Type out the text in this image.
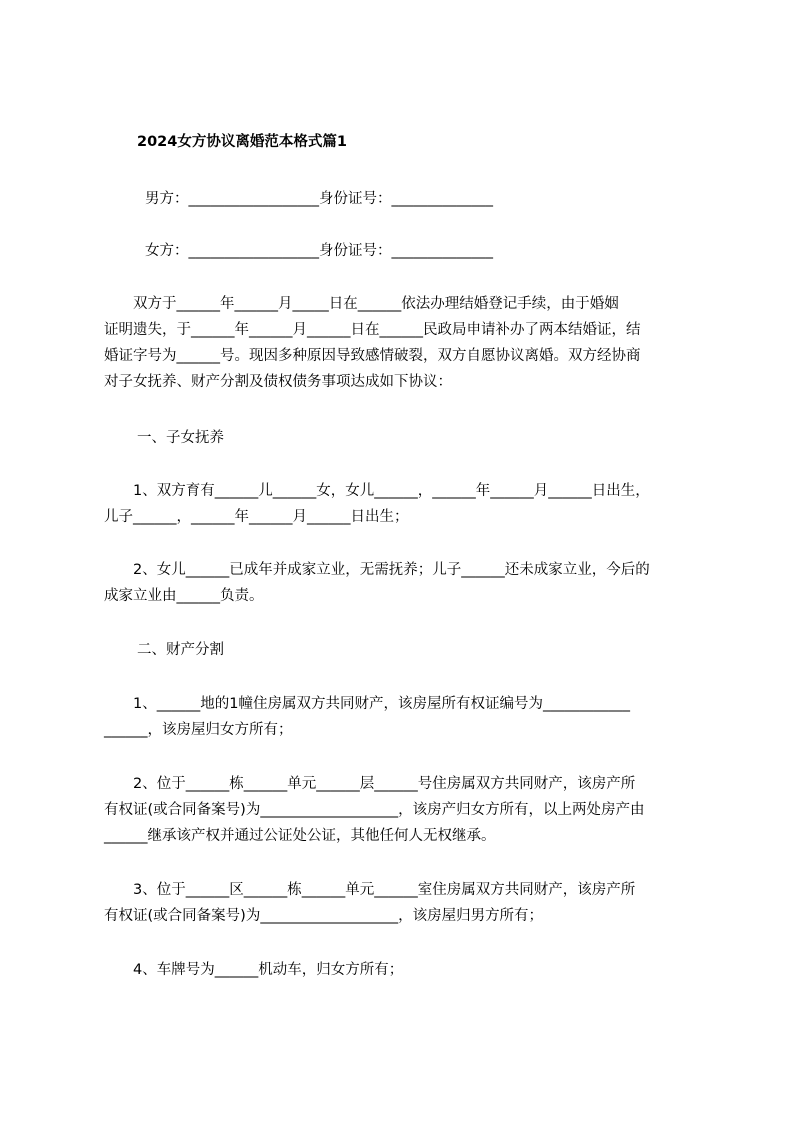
2024女方协议离婚范本格式篇1
男方：__________________身份证号：______________
女方：__________________身份证号：______________
　　双方于______年______月_____日在______依法办理结婚登记手续，由于婚姻
证明遗失，于______年______月______日在______民政局申请补办了两本结婚证，结
婚证字号为______号。现因多种原因导致感情破裂，双方自愿协议离婚。双方经协商
对子女抚养、财产分割及债权债务事项达成如下协议：
一、子女抚养
　　1、双方育有______儿______女，女儿______，______年______月______日出生，
儿子______，______年______月______日出生；
　　2、女儿______已成年并成家立业，无需抚养；儿子______还未成家立业，今后的
成家立业由______负责。
二、财产分割
　　1、______地的1幢住房属双方共同财产，该房屋所有权证编号为____________
______，该房屋归女方所有；
　　2、位于______栋______单元______层______号住房属双方共同财产，该房产所
有权证(或合同备案号)为___________________，该房产归女方所有，以上两处房产由
______继承该产权并通过公证处公证，其他任何人无权继承。
　　3、位于______区______栋______单元______室住房属双方共同财产，该房产所
有权证(或合同备案号)为___________________，该房屋归男方所有；
　　4、车牌号为______机动车，归女方所有；
